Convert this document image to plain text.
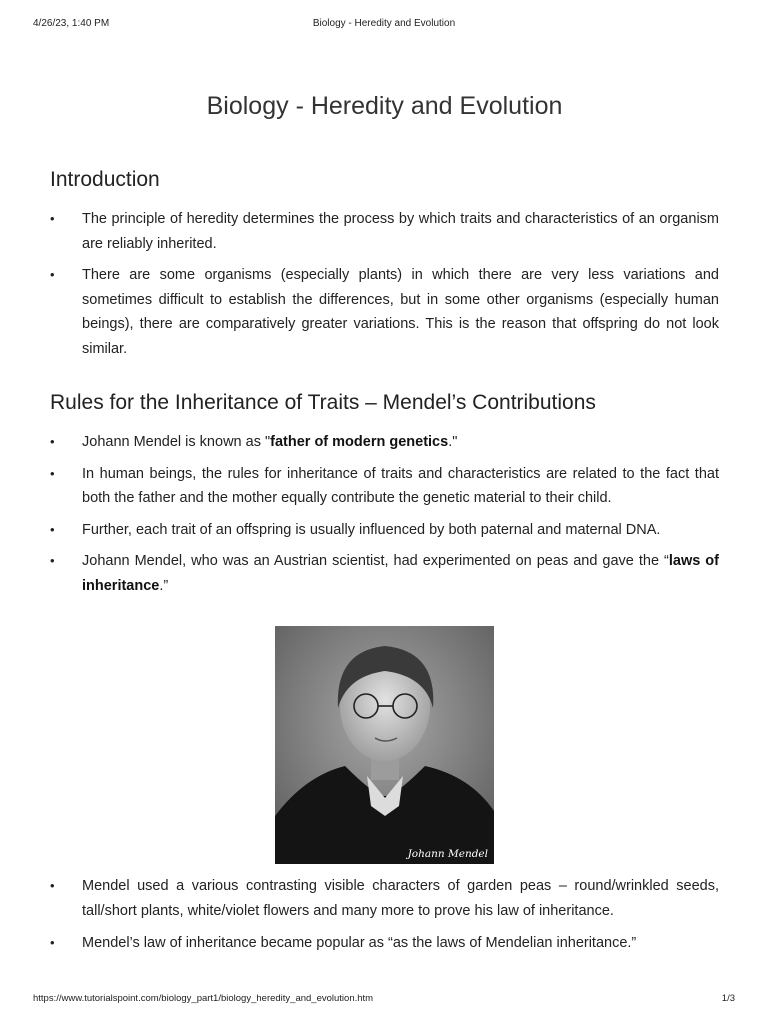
4/26/23, 1:40 PM	Biology - Heredity and Evolution
Biology - Heredity and Evolution
Introduction
• The principle of heredity determines the process by which traits and characteristics of an organism are reliably inherited.
• There are some organisms (especially plants) in which there are very less variations and sometimes difficult to establish the differences, but in some other organisms (especially human beings), there are comparatively greater variations. This is the reason that offspring do not look similar.
Rules for the Inheritance of Traits – Mendel’s Contributions
• Johann Mendel is known as "father of modern genetics."
• In human beings, the rules for inheritance of traits and characteristics are related to the fact that both the father and the mother equally contribute the genetic material to their child.
• Further, each trait of an offspring is usually influenced by both paternal and maternal DNA.
• Johann Mendel, who was an Austrian scientist, had experimented on peas and gave the “laws of inheritance.”
Johann Mendel
• Mendel used a various contrasting visible characters of garden peas – round/wrinkled seeds, tall/short plants, white/violet flowers and many more to prove his law of inheritance.
• Mendel’s law of inheritance became popular as “as the laws of Mendelian inheritance.”
https://www.tutorialspoint.com/biology_part1/biology_heredity_and_evolution.htm	1/3
